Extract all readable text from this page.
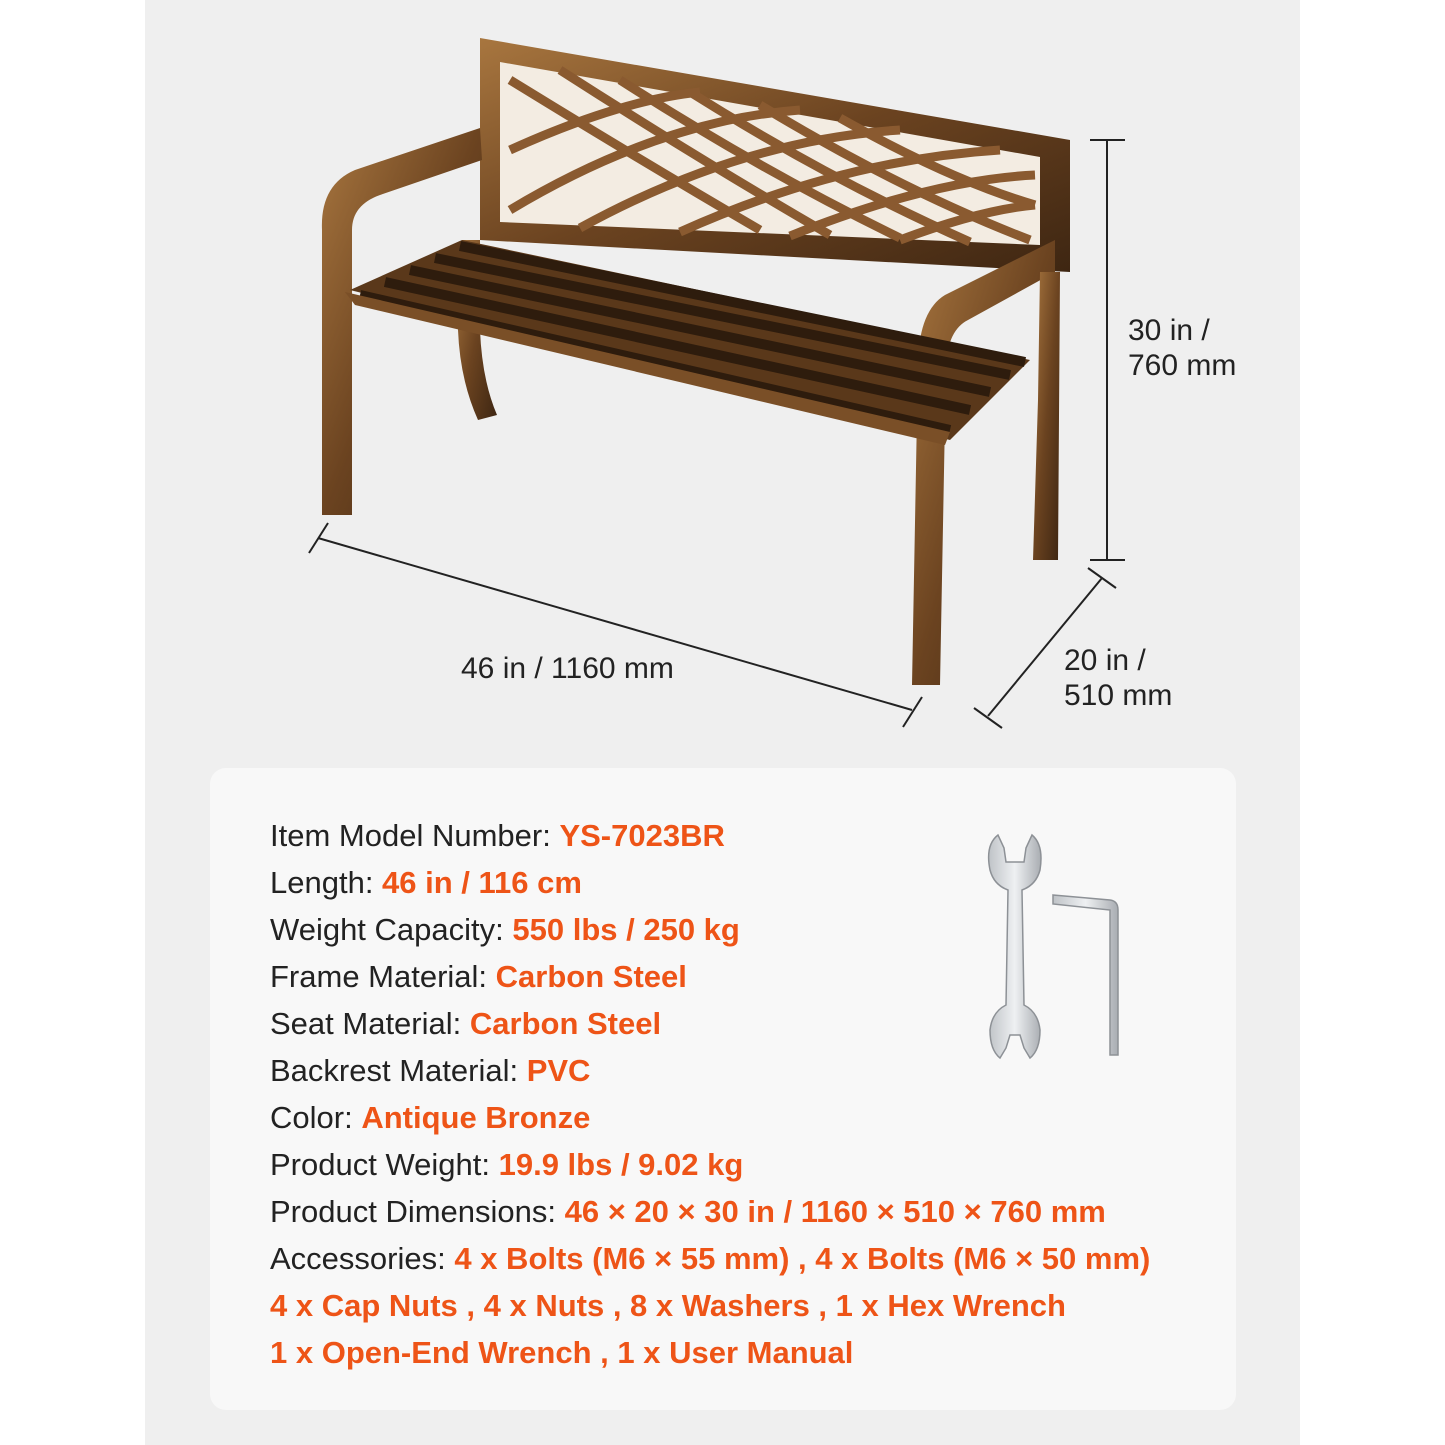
30 in /
760 mm
46 in / 1160 mm	20 in /
510 mm
Item Model Number: YS-7023BR
Length: 46 in / 116 cm
Weight Capacity: 550 lbs / 250 kg
Frame Material: Carbon Steel
Seat Material: Carbon Steel
Backrest Material: PVC
Color: Antique Bronze
Product Weight: 19.9 lbs / 9.02 kg
Product Dimensions: 46 × 20 × 30 in / 1160 × 510 × 760 mm
Accessories: 4 x Bolts (M6 × 55 mm) , 4 x Bolts (M6 × 50 mm)
4 x Cap Nuts , 4 x Nuts , 8 x Washers , 1 x Hex Wrench
1 x Open-End Wrench , 1 x User Manual
